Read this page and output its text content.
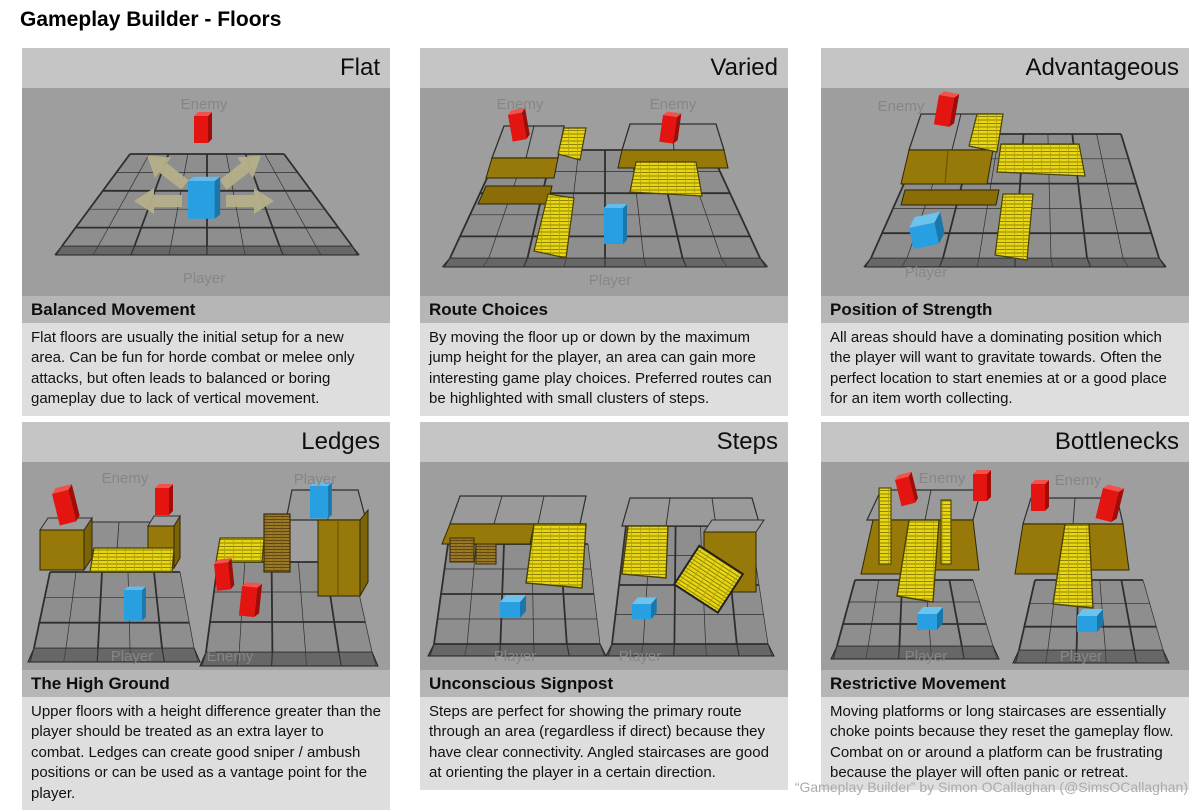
Gameplay Builder - Floors
Flat
Enemy
Player
Balanced Movement
Flat floors are usually the initial setup for a new area. Can be fun for horde combat or melee only attacks, but often leads to balanced or boring gameplay due to lack of vertical movement.
Varied
Enemy	Enemy
Player
Route Choices
By moving the floor up or down by the maximum jump height for the player, an area can gain more interesting game play choices. Preferred routes can be highlighted with small clusters of steps.
Advantageous
Enemy
Player
Position of Strength
All areas should have a dominating position which the player will want to gravitate towards. Often the perfect location to start enemies at or a good place for an item worth collecting.
Ledges
Enemy	Player
Player	Enemy
The High Ground
Upper floors with a height difference greater than the player should be treated as an extra layer to combat. Ledges can create good sniper / ambush positions or can be used as a vantage point for the player.
Steps
Player	Player
Unconscious Signpost
Steps are perfect for showing the primary route through an area (regardless if direct) because they have clear connectivity. Angled staircases are good at orienting the player in a certain direction.
Bottlenecks
Enemy	Enemy
Player	Player
Restrictive Movement
Moving platforms or long staircases are essentially choke points because they reset the gameplay flow. Combat on or around a platform can be frustrating because the player will often panic or retreat.
“Gameplay Builder” by Simon OCallaghan (@SimsOCallaghan)
